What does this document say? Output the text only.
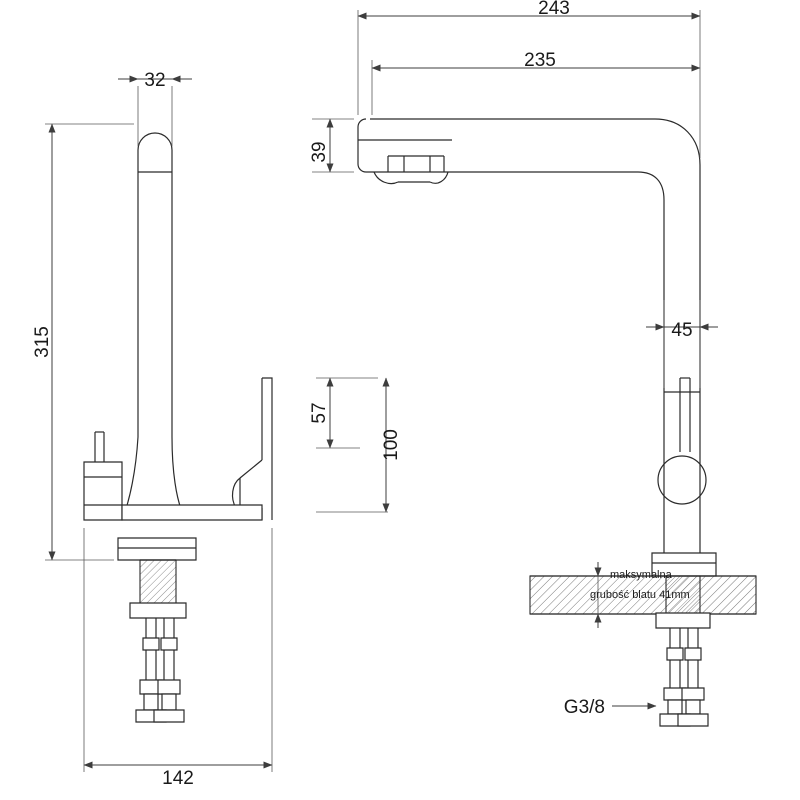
32
315
142
57
100
243
235
39
45
maksymalna
grubość blatu 41mm
G3/8
